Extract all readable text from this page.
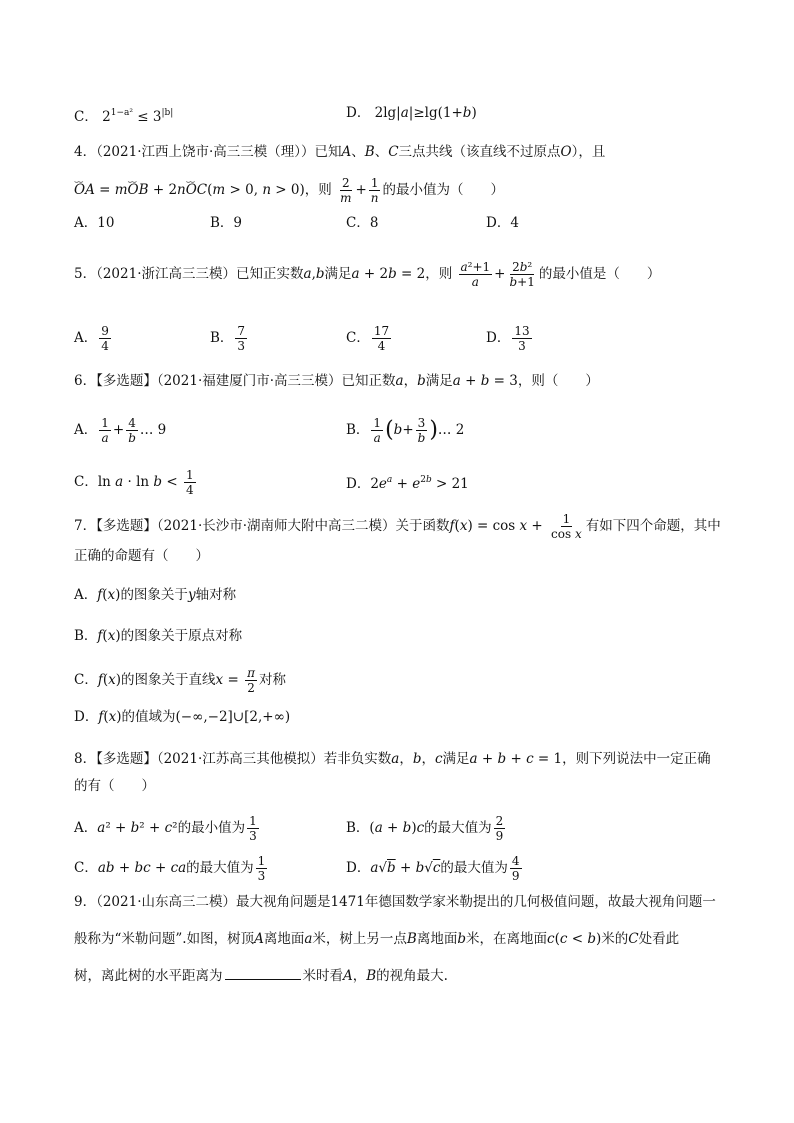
C． $2^{1-a^2} \le 3^{|b|}$	D． 2lg|a|≥lg(1+b)
4．（2021·江西上饶市·高三三模（理））已知A、B、C三点共线（该直线不过原点O），且
⌣⌣ OA = m⌣⌣ OB + 2n⌣⌣ OC(m > 0, n > 0)，则 $\frac{2}{m} + \frac{1}{n}$ 的最小值为（　　）
A．10	B．9	C．8	D．4
5．（2021·浙江高三三模）已知正实数a,b满足a + 2b = 2，则 $\frac{\text{a²+1}}{a} + \frac{\text{2b²}}{b+1}$ 的最小值是（　　）
A． $\frac{9}{4}$	B． $\frac{7}{3}$	C． $\frac{17}{4}$	D． $\frac{13}{3}$
6．【多选题】（2021·福建厦门市·高三三模）已知正数a，b满足a + b = 3，则（　　）
A． $\frac{1}{a} + \frac{4}{b}$ … 9	B． $\frac{1}{a} (b+ \frac{3}{b}$ )… 2
C．$\ln a \cdot \ln b < \frac{1}{4}$	D．$2e^a + e^{2b} > 21$
7．【多选题】（2021·长沙市·湖南师大附中高三二模）关于函数$f(x) = \cos x + \frac{1}{\text{cos x}}$ 有如下四个命题，其中
正确的命题有（　　）
A．f(x)的图象关于y轴对称
B．f(x)的图象关于原点对称
C．f(x)的图象关于直线$x = \frac{\pi}{2}$ 对称
D．f(x)的值域为(−∞,−2]∪[2,+∞)
8．【多选题】（2021·江苏高三其他模拟）若非负实数a，b，c满足a + b + c = 1，则下列说法中一定正确
的有（　　）
A．a² + b² + c²的最小值为 $\frac{1}{3}$	B．(a + b)c的最大值为 $\frac{2}{9}$
C．ab + bc + ca的最大值为 $\frac{1}{3}$	D．a√b + b√c的最大值为 $\frac{4}{9}$
9．（2021·山东高三二模）最大视角问题是1471年德国数学家米勒提出的几何极值问题，故最大视角问题一
般称为“米勒问题”.如图，树顶A离地面a米，树上另一点B离地面b米，在离地面c(c < b)米的C处看此
树，离此树的水平距离为	米时看A，B的视角最大.
